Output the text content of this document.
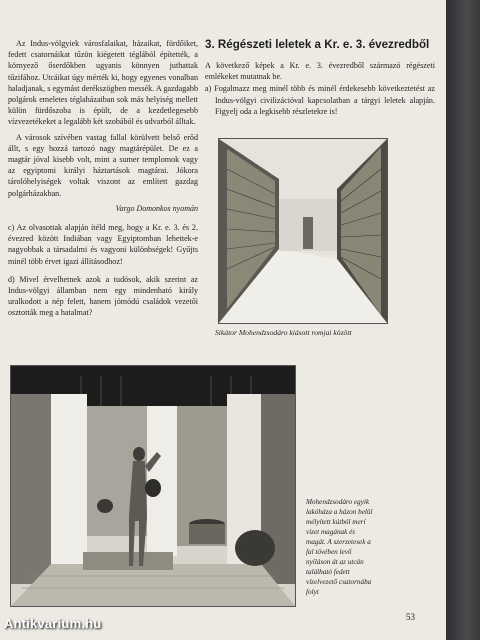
Az Indus-völgyiek városfalaikat, házaikat, fürdőiket, fedett csatornáikat tűzön kiégetett téglából építették, a környező őserdőkben ugyanis könnyen juthattak tűzifához. Utcáikat úgy mérték ki, hogy egyenes vonalban haladjanak, s egymást derékszögben messék. A gazdagabb polgárok emeletes téglaházaiban sok más helyiség mellett külön fürdőszoba is épült, de a kezdetlegesebb vízvezetékeket a legalább két szobából és udvarból álltak.

A városok szívében vastag fallal körülvett belső erőd állt, s egy hozzá tartozó nagy magtárépület. De ez a magtár jóval kisebb volt, mint a sumer templomok vagy az egyiptomi királyi háztartások magtárai. Jókora tárolóhelyiségek voltak viszont az említett gazdag polgárházakban.

Vargo Domonkos nyomán

c) Az olvasottak alapján ítéld meg, hogy a Kr. e. 3. és 2. évezred között Indiában vagy Egyiptomban lehettek-e nagyobbak a társadalmi és vagyoni különbségek! Gyűjts minél több érvet igazi állításodhoz!

d) Mivel érvelhetnek azok a tudósok, akik szerint az Indus-völgyi államban nem egy mindenható király uralkodott a nép felett, hanem jómódú családok vezetői osztották meg a hatalmat?

3. Régészeti leletek a Kr. e. 3. évezredből

A következő képek a Kr. e. 3. évezredből származó régészeti emlékeket mutatnak be.

a) Fogalmazz meg minél több és minél érdekesebb következtetést az Indus-völgyi civilizációval kapcsolatban a tárgyi leletek alapján. Figyelj oda a legkisebb részletekre is!

Sikátor Mohendzsodáro kiásott romjai között
Mohendzsodáro egyik lakóháza a házon belül mélyített kútból merí vizet magának és magát. A szerzetesek a fal tövében levő nyíláson át az utcán található fedett vízelvezető csatornába folyt
53
Antikvarium.hu
